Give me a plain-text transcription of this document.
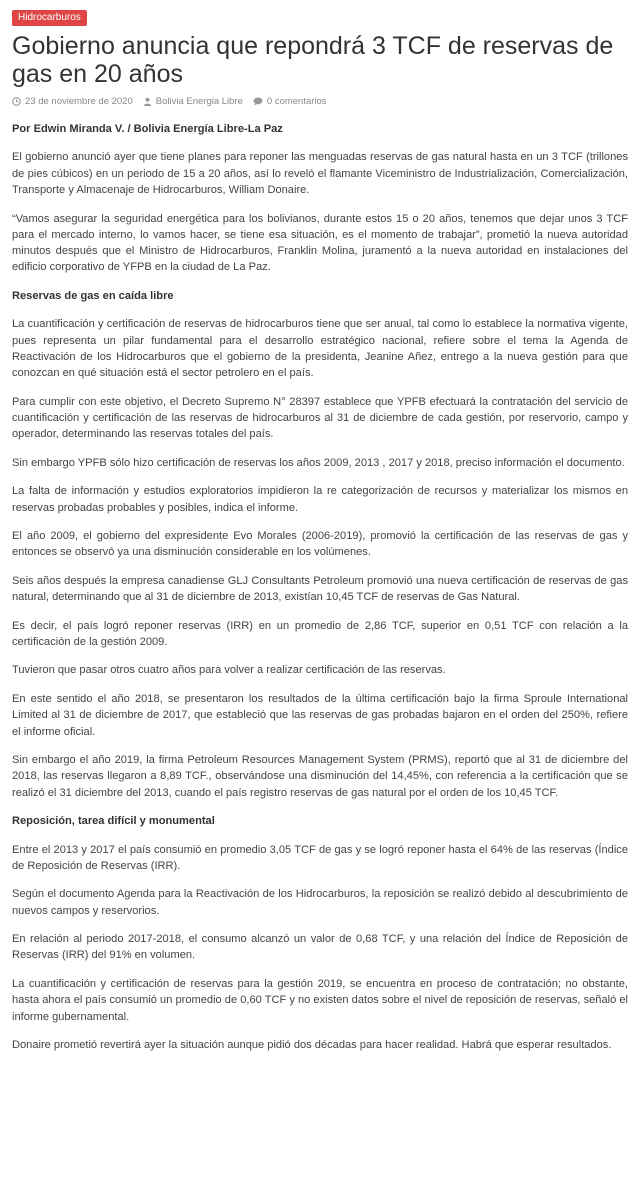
Hidrocarburos
Gobierno anuncia que repondrá 3 TCF de reservas de gas en 20 años
23 de noviembre de 2020 Bolivia Energia Libre	0 comentarios

Por Edwin Miranda V. / Bolivia Energía Libre-La Paz

El gobierno anunció ayer que tiene planes para reponer las menguadas reservas de gas natural hasta en un 3 TCF (trillones de pies cúbicos) en un periodo de 15 a 20 años, así lo reveló el flamante Viceministro de Industrialización, Comercialización, Transporte y Almacenaje de Hidrocarburos, William Donaire.

“Vamos asegurar la seguridad energética para los bolivianos, durante estos 15 o 20 años, tenemos que dejar unos 3 TCF para el mercado interno, lo vamos hacer, se tiene esa situación, es el momento de trabajar”, prometió la nueva autoridad minutos después que el Ministro de Hidrocarburos, Franklin Molina, juramentó a la nueva autoridad en instalaciones del edificio corporativo de YFPB en la ciudad de La Paz.

Reservas de gas en caída libre

La cuantificación y certificación de reservas de hidrocarburos tiene que ser anual, tal como lo establece la normativa vigente, pues representa un pilar fundamental para el desarrollo estratégico nacional, refiere sobre el tema la Agenda de Reactivación de los Hidrocarburos que el gobierno de la presidenta, Jeanine Añez, entrego a la nueva gestión para que conozcan en qué situación está el sector petrolero en el país.

Para cumplir con este objetivo, el Decreto Supremo N° 28397 establece que YPFB efectuará la contratación del servicio de cuantificación y certificación de las reservas de hidrocarburos al 31 de diciembre de cada gestión, por reservorio, campo y operador, determinando las reservas totales del país.

Sin embargo YPFB sólo hizo certificación de reservas los años 2009, 2013 , 2017 y 2018, preciso información el documento.

La falta de información y estudios exploratorios impidieron la re categorización de recursos y materializar los mismos en reservas probadas probables y posibles, indica el informe.

El año 2009, el gobierno del expresidente Evo Morales (2006-2019), promovió la certificación de las reservas de gas y entonces se observó ya una disminución considerable en los volúmenes.

Seis años después la empresa canadiense GLJ Consultants Petroleum promovió una nueva certificación de reservas de gas natural, determinando que al 31 de diciembre de 2013, existían 10,45 TCF de reservas de Gas Natural.

Es decir, el país logró reponer reservas (IRR) en un promedio de 2,86 TCF, superior en 0,51 TCF con relación a la certificación de la gestión 2009.

Tuvieron que pasar otros cuatro años para volver a realizar certificación de las reservas.

En este sentido el año 2018, se presentaron los resultados de la última certificación bajo la firma Sproule International Limited al 31 de diciembre de 2017, que estableció que las reservas de gas probadas bajaron en el orden del 250%, refiere el informe oficial.

Sin embargo el año 2019, la firma Petroleum Resources Management System (PRMS), reportó que al 31 de diciembre del 2018, las reservas llegaron a 8,89 TCF., observándose una disminución del 14,45%, con referencia a la certificación que se realizó el 31 diciembre del 2013, cuando el país registro reservas de gas natural por el orden de los 10,45 TCF.

Reposición, tarea difícil y monumental

Entre el 2013 y 2017 el país consumió en promedio 3,05 TCF de gas y se logró reponer hasta el 64% de las reservas (Índice de Reposición de Reservas (IRR).

Según el documento Agenda para la Reactivación de los Hidrocarburos, la reposición se realizó debido al descubrimiento de nuevos campos y reservorios.

En relación al periodo 2017-2018, el consumo alcanzó un valor de 0,68 TCF, y una relación del Índice de Reposición de Reservas (IRR) del 91% en volumen.

La cuantificación y certificación de reservas para la gestión 2019, se encuentra en proceso de contratación; no obstante, hasta ahora el país consumió un promedio de 0,60 TCF y no existen datos sobre el nivel de reposición de reservas, señaló el informe gubernamental.

Donaire prometió revertirá ayer la situación aunque pidió dos décadas para hacer realidad. Habrá que esperar resultados.
